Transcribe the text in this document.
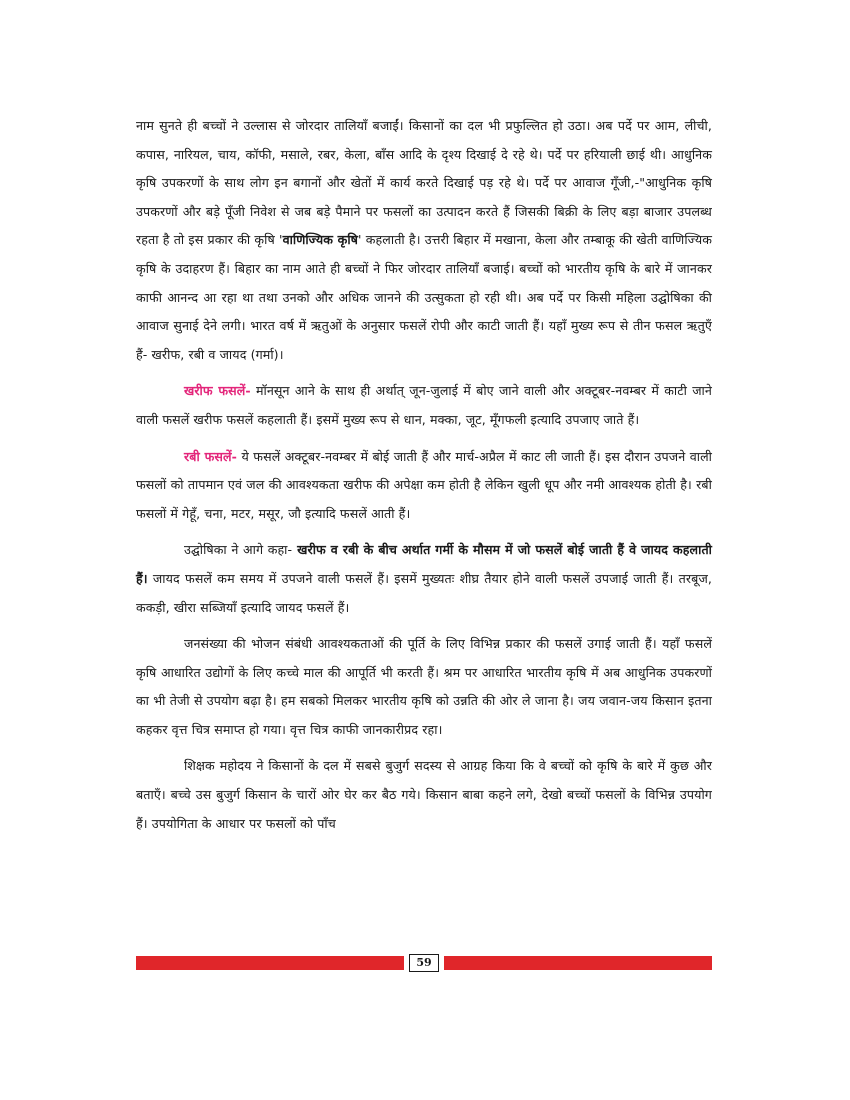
नाम सुनते ही बच्चों ने उल्लास से जोरदार तालियाँ बजाईं। किसानों का दल भी प्रफुल्लित हो उठा। अब पर्दे पर आम, लीची, कपास, नारियल, चाय, कॉफी, मसाले, रबर, केला, बाँस आदि के दृश्य दिखाई दे रहे थे। पर्दे पर हरियाली छाई थी। आधुनिक कृषि उपकरणों के साथ लोग इन बगानों और खेतों में कार्य करते दिखाई पड़ रहे थे। पर्दे पर आवाज गूँजी,-"आधुनिक कृषि उपकरणों और बड़े पूँजी निवेश से जब बड़े पैमाने पर फसलों का उत्पादन करते हैं जिसकी बिक्री के लिए बड़ा बाजार उपलब्ध रहता है तो इस प्रकार की कृषि 'वाणिज्यिक कृषि' कहलाती है। उत्तरी बिहार में मखाना, केला और तम्बाकू की खेती वाणिज्यिक कृषि के उदाहरण हैं। बिहार का नाम आते ही बच्चों ने फिर जोरदार तालियाँ बजाई। बच्चों को भारतीय कृषि के बारे में जानकर काफी आनन्द आ रहा था तथा उनको और अधिक जानने की उत्सुकता हो रही थी। अब पर्दे पर किसी महिला उद्घोषिका की आवाज सुनाई देने लगी। भारत वर्ष में ऋतुओं के अनुसार फसलें रोपी और काटी जाती हैं। यहाँ मुख्य रूप से तीन फसल ऋतुएँ हैं- खरीफ, रबी व जायद (गर्मा)।

खरीफ फसलें- मॉनसून आने के साथ ही अर्थात् जून-जुलाई में बोए जाने वाली और अक्टूबर-नवम्बर में काटी जाने वाली फसलें खरीफ फसलें कहलाती हैं। इसमें मुख्य रूप से धान, मक्का, जूट, मूँगफली इत्यादि उपजाए जाते हैं।

रबी फसलें- ये फसलें अक्टूबर-नवम्बर में बोई जाती हैं और मार्च-अप्रैल में काट ली जाती हैं। इस दौरान उपजने वाली फसलों को तापमान एवं जल की आवश्यकता खरीफ की अपेक्षा कम होती है लेकिन खुली धूप और नमी आवश्यक होती है। रबी फसलों में गेहूँ, चना, मटर, मसूर, जौ इत्यादि फसलें आती हैं।

उद्घोषिका ने आगे कहा- खरीफ व रबी के बीच अर्थात गर्मी के मौसम में जो फसलें बोई जाती हैं वे जायद कहलाती हैं। जायद फसलें कम समय में उपजने वाली फसलें हैं। इसमें मुख्यतः शीघ्र तैयार होने वाली फसलें उपजाई जाती हैं। तरबूज, ककड़ी, खीरा सब्जियाँ इत्यादि जायद फसलें हैं।

जनसंख्या की भोजन संबंधी आवश्यकताओं की पूर्ति के लिए विभिन्न प्रकार की फसलें उगाई जाती हैं। यहाँ फसलें कृषि आधारित उद्योगों के लिए कच्चे माल की आपूर्ति भी करती हैं। श्रम पर आधारित भारतीय कृषि में अब आधुनिक उपकरणों का भी तेजी से उपयोग बढ़ा है। हम सबको मिलकर भारतीय कृषि को उन्नति की ओर ले जाना है। जय जवान-जय किसान इतना कहकर वृत्त चित्र समाप्त हो गया। वृत्त चित्र काफी जानकारीप्रद रहा।

शिक्षक महोदय ने किसानों के दल में सबसे बुजुर्ग सदस्य से आग्रह किया कि वे बच्चों को कृषि के बारे में कुछ और बताएँ। बच्चे उस बुजुर्ग किसान के चारों ओर घेर कर बैठ गये। किसान बाबा कहने लगे, देखो बच्चों फसलों के विभिन्न उपयोग हैं। उपयोगिता के आधार पर फसलों को पाँच

59
